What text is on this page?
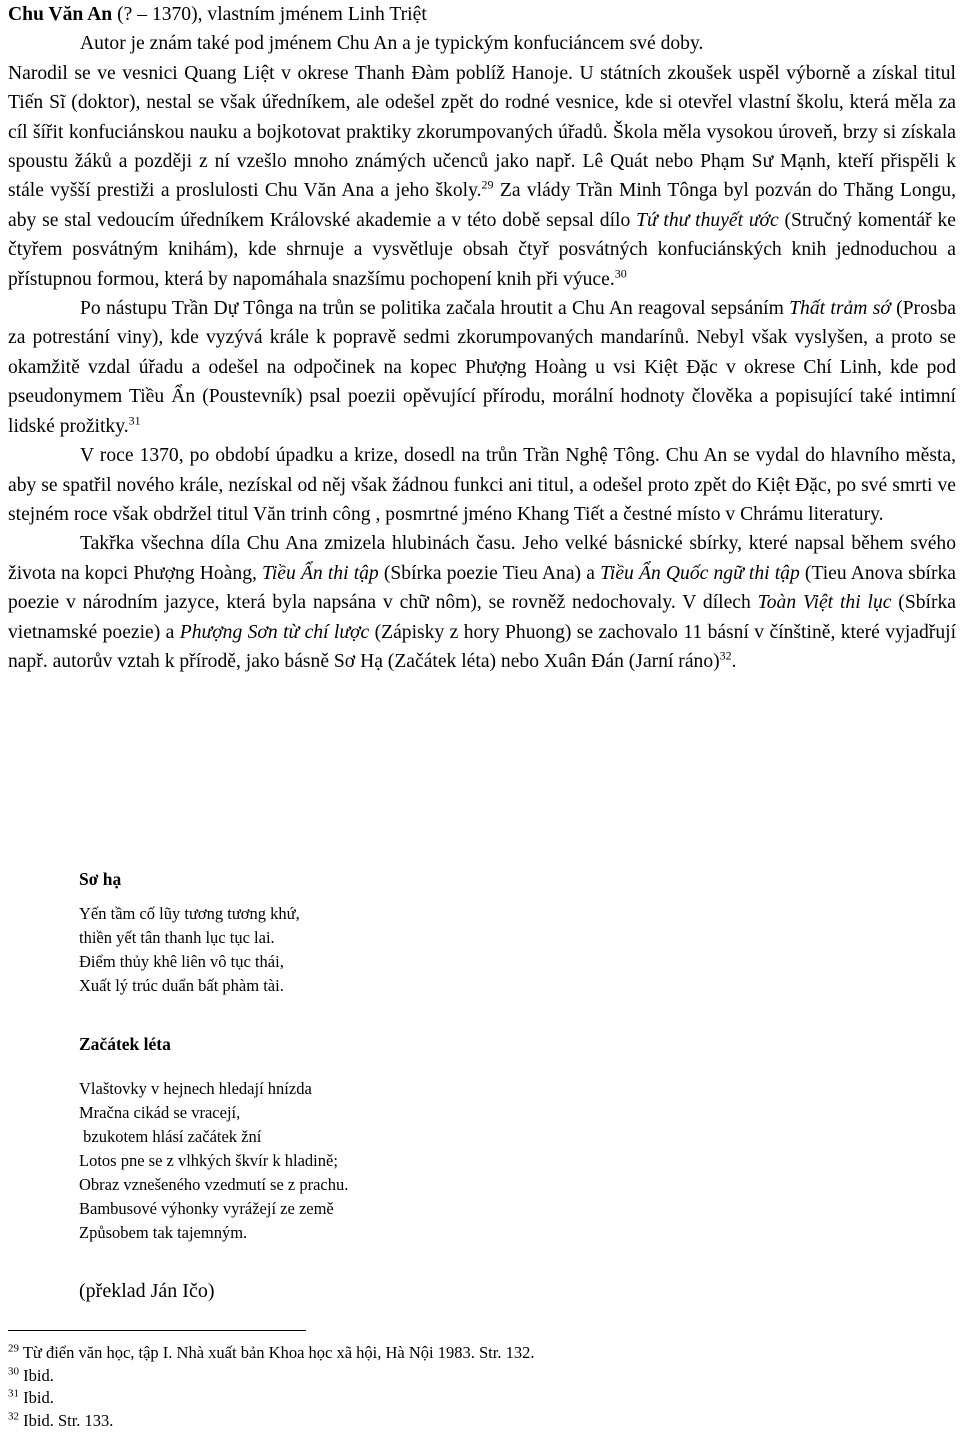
Chu Văn An (? – 1370), vlastním jménem Linh Triệt

Autor je znám také pod jménem Chu An a je typickým konfuciáncem své doby.

Narodil se ve vesnici Quang Liệt v okrese Thanh Đàm poblíž Hanoje. U státních zkoušek uspěl výborně a získal titul Tiến Sĩ (doktor), nestal se však úředníkem, ale odešel zpět do rodné vesnice, kde si otevřel vlastní školu, která měla za cíl šířit konfuciánskou nauku a bojkotovat praktiky zkorumpovaných úřadů. Škola měla vysokou úroveň, brzy si získala spoustu žáků a později z ní vzešlo mnoho známých učenců jako např. Lê Quát nebo Phạm Sư Mạnh, kteří přispěli k stále vyšší prestiži a proslulosti Chu Văn Ana a jeho školy.$^{29}$ Za vlády Trần Minh Tônga byl pozván do Thăng Longu, aby se stal vedoucím úředníkem Královské akademie a v této době sepsal dílo Tứ thư thuyết ước (Stručný komentář ke čtyřem posvátným knihám), kde shrnuje a vysvětluje obsah čtyř posvátných konfuciánských knih jednoduchou a přístupnou formou, která by napomáhala snazšímu pochopení knih při výuce.$^{30}$

Po nástupu Trần Dự Tônga na trůn se politika začala hroutit a Chu An reagoval sepsáním Thất trảm sớ (Prosba za potrestání viny), kde vyzývá krále k popravě sedmi zkorumpovaných mandarínů. Nebyl však vyslyšen, a proto se okamžitě vzdal úřadu a odešel na odpočinek na kopec Phượng Hoàng u vsi Kiệt Đặc v okrese Chí Linh, kde pod pseudonymem Tiều Ẩn (Poustevník) psal poezii opěvující přírodu, morální hodnoty člověka a popisující také intimní lidské prožitky.$^{31}$

V roce 1370, po období úpadku a krize, dosedl na trůn Trần Nghệ Tông. Chu An se vydal do hlavního města, aby se spatřil nového krále, nezískal od něj však žádnou funkci ani titul, a odešel proto zpět do Kiệt Đặc, po své smrti ve stejném roce však obdržel titul Văn trinh công , posmrtné jméno Khang Tiết a čestné místo v Chrámu literatury.

Takřka všechna díla Chu Ana zmizela hlubinách času. Jeho velké básnické sbírky, které napsal během svého života na kopci Phượng Hoàng, Tiều Ẩn thi tập (Sbírka poezie Tieu Ana) a Tiều Ẩn Quốc ngữ thi tập (Tieu Anova sbírka poezie v národním jazyce, která byla napsána v chữ nôm), se rovněž nedochovaly. V dílech Toàn Việt thi lục (Sbírka vietnamské poezie) a Phượng Sơn từ chí lược (Zápisky z hory Phuong) se zachovalo 11 básní v čínštině, které vyjadřují např. autorův vztah k přírodě, jako básně Sơ Hạ (Začátek léta) nebo Xuân Đán (Jarní ráno)$^{32}$.

Sơ hạ

Yến tầm cố lũy tương tương khứ,

thiền yết tân thanh lục tục lai.

Điểm thủy khê liên vô tục thái,

Xuất lý trúc duẩn bất phàm tài.

Začátek léta

Vlaštovky v hejnech hledají hnízda

Mračna cikád se vracejí,

bzukotem hlásí začátek žní

Lotos pne se z vlhkých škvír k hladině;

Obraz vznešeného vzedmutí se z prachu.

Bambusové výhonky vyrážejí ze země

Způsobem tak tajemným.

(překlad Ján Ičo)

$^{29}$ Từ điển văn học, tập I. Nhà xuất bản Khoa học xã hội, Hà Nội 1983. Str. 132.

$^{30}$ Ibid.

$^{31}$ Ibid.

$^{32}$ Ibid. Str. 133.
